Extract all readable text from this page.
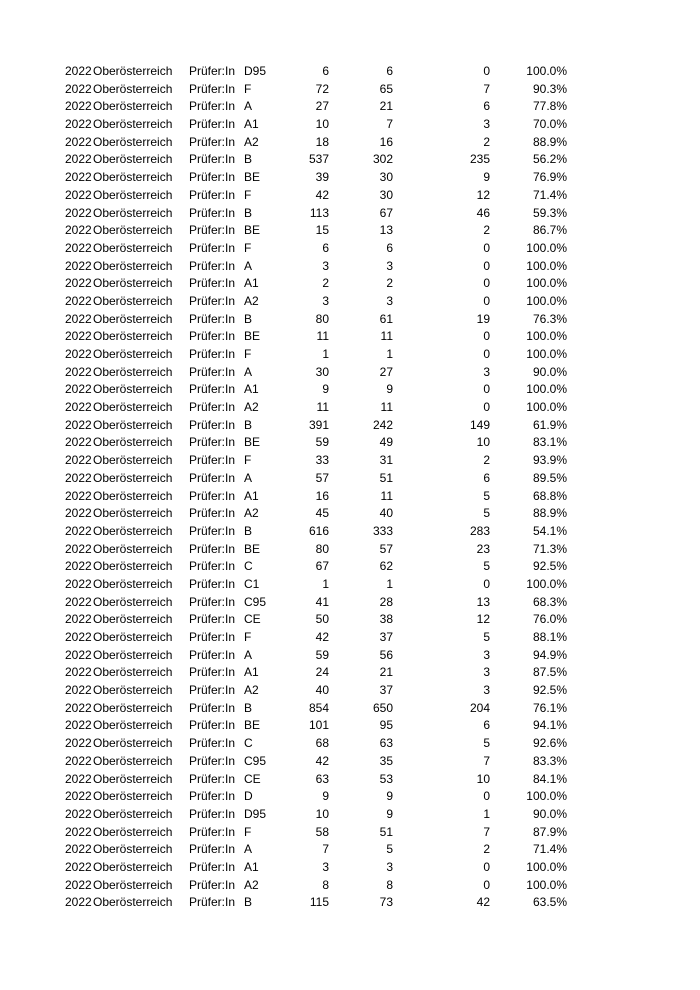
2022 Oberösterreich Prüfer:In D95	6	6	0	100.0%
2022 Oberösterreich Prüfer:In F	72	65	7	90.3%
2022 Oberösterreich Prüfer:In A	27	21	6	77.8%
2022 Oberösterreich Prüfer:In A1	10	7	3	70.0%
2022 Oberösterreich Prüfer:In A2	18	16	2	88.9%
2022 Oberösterreich Prüfer:In B	537	302	235	56.2%
2022 Oberösterreich Prüfer:In BE	39	30	9	76.9%
2022 Oberösterreich Prüfer:In F	42	30	12	71.4%
2022 Oberösterreich Prüfer:In B	113	67	46	59.3%
2022 Oberösterreich Prüfer:In BE	15	13	2	86.7%
2022 Oberösterreich Prüfer:In F	6	6	0	100.0%
2022 Oberösterreich Prüfer:In A	3	3	0	100.0%
2022 Oberösterreich Prüfer:In A1	2	2	0	100.0%
2022 Oberösterreich Prüfer:In A2	3	3	0	100.0%
2022 Oberösterreich Prüfer:In B	80	61	19	76.3%
2022 Oberösterreich Prüfer:In BE	11	11	0	100.0%
2022 Oberösterreich Prüfer:In F	1	1	0	100.0%
2022 Oberösterreich Prüfer:In A	30	27	3	90.0%
2022 Oberösterreich Prüfer:In A1	9	9	0	100.0%
2022 Oberösterreich Prüfer:In A2	11	11	0	100.0%
2022 Oberösterreich Prüfer:In B	391	242	149	61.9%
2022 Oberösterreich Prüfer:In BE	59	49	10	83.1%
2022 Oberösterreich Prüfer:In F	33	31	2	93.9%
2022 Oberösterreich Prüfer:In A	57	51	6	89.5%
2022 Oberösterreich Prüfer:In A1	16	11	5	68.8%
2022 Oberösterreich Prüfer:In A2	45	40	5	88.9%
2022 Oberösterreich Prüfer:In B	616	333	283	54.1%
2022 Oberösterreich Prüfer:In BE	80	57	23	71.3%
2022 Oberösterreich Prüfer:In C	67	62	5	92.5%
2022 Oberösterreich Prüfer:In C1	1	1	0	100.0%
2022 Oberösterreich Prüfer:In C95	41	28	13	68.3%
2022 Oberösterreich Prüfer:In CE	50	38	12	76.0%
2022 Oberösterreich Prüfer:In F	42	37	5	88.1%
2022 Oberösterreich Prüfer:In A	59	56	3	94.9%
2022 Oberösterreich Prüfer:In A1	24	21	3	87.5%
2022 Oberösterreich Prüfer:In A2	40	37	3	92.5%
2022 Oberösterreich Prüfer:In B	854	650	204	76.1%
2022 Oberösterreich Prüfer:In BE	101	95	6	94.1%
2022 Oberösterreich Prüfer:In C	68	63	5	92.6%
2022 Oberösterreich Prüfer:In C95	42	35	7	83.3%
2022 Oberösterreich Prüfer:In CE	63	53	10	84.1%
2022 Oberösterreich Prüfer:In D	9	9	0	100.0%
2022 Oberösterreich Prüfer:In D95	10	9	1	90.0%
2022 Oberösterreich Prüfer:In F	58	51	7	87.9%
2022 Oberösterreich Prüfer:In A	7	5	2	71.4%
2022 Oberösterreich Prüfer:In A1	3	3	0	100.0%
2022 Oberösterreich Prüfer:In A2	8	8	0	100.0%
2022 Oberösterreich Prüfer:In B	115	73	42	63.5%
